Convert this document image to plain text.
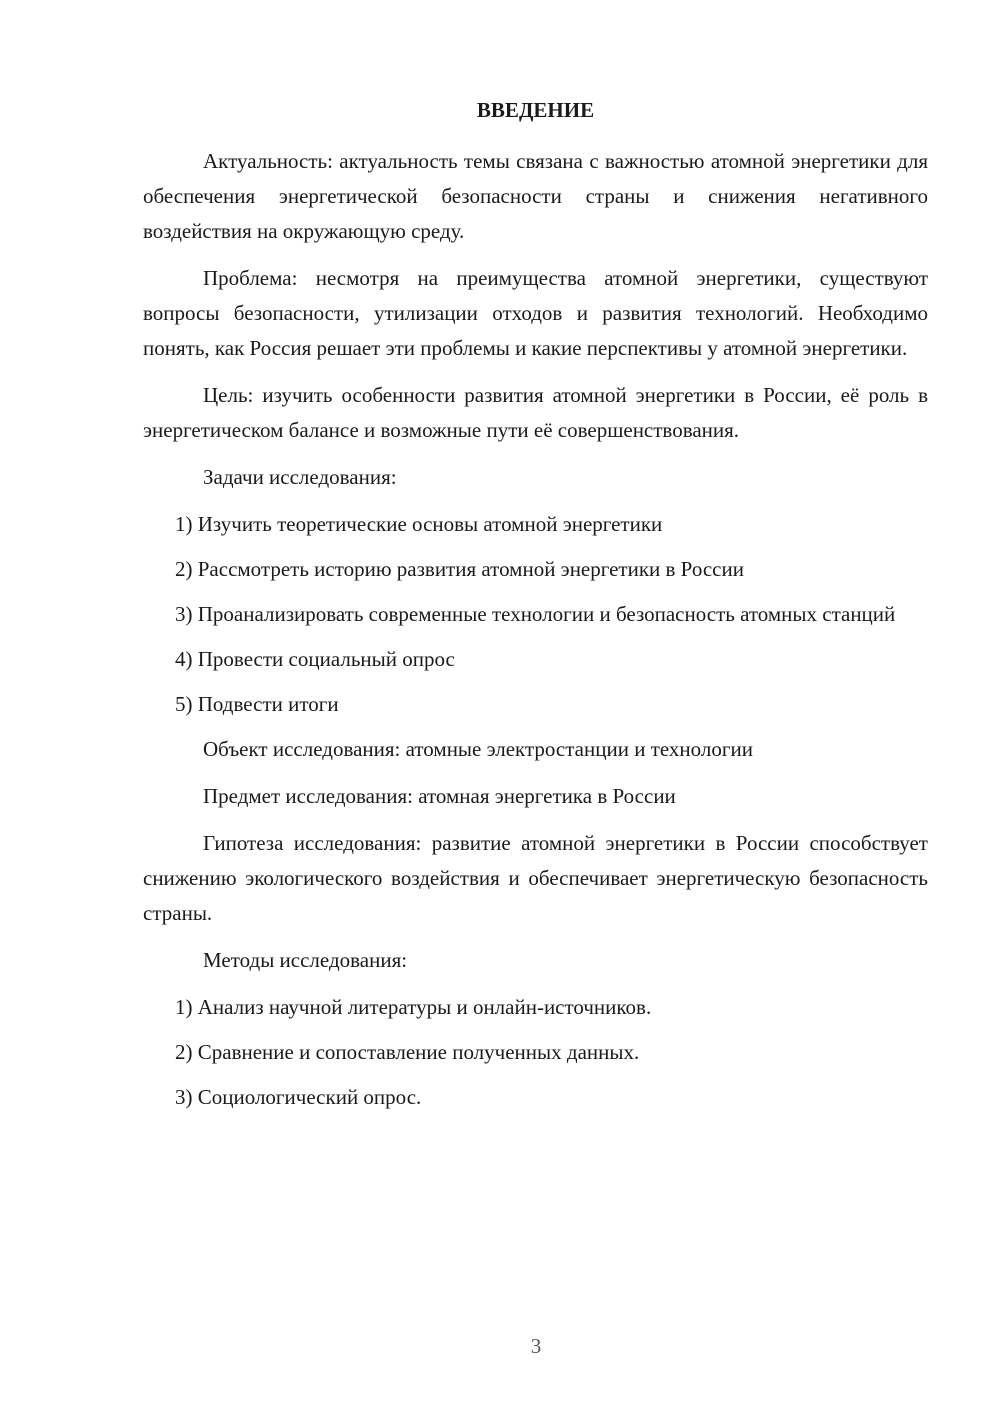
ВВЕДЕНИЕ

Актуальность: актуальность темы связана с важностью атомной энергетики для обеспечения энергетической безопасности страны и снижения негативного воздействия на окружающую среду.

Проблема: несмотря на преимущества атомной энергетики, существуют вопросы безопасности, утилизации отходов и развития технологий. Необходимо понять, как Россия решает эти проблемы и какие перспективы у атомной энергетики.

Цель: изучить особенности развития атомной энергетики в России, её роль в энергетическом балансе и возможные пути её совершенствования.

Задачи исследования:

1) Изучить теоретические основы атомной энергетики

2) Рассмотреть историю развития атомной энергетики в России

3) Проанализировать современные технологии и безопасность атомных станций

4) Провести социальный опрос

5) Подвести итоги

Объект исследования: атомные электростанции и технологии

Предмет исследования: атомная энергетика в России

Гипотеза исследования: развитие атомной энергетики в России способствует снижению экологического воздействия и обеспечивает энергетическую безопасность страны.

Методы исследования:

1) Анализ научной литературы и онлайн-источников.

2) Сравнение и сопоставление полученных данных.

3) Социологический опрос.

3
